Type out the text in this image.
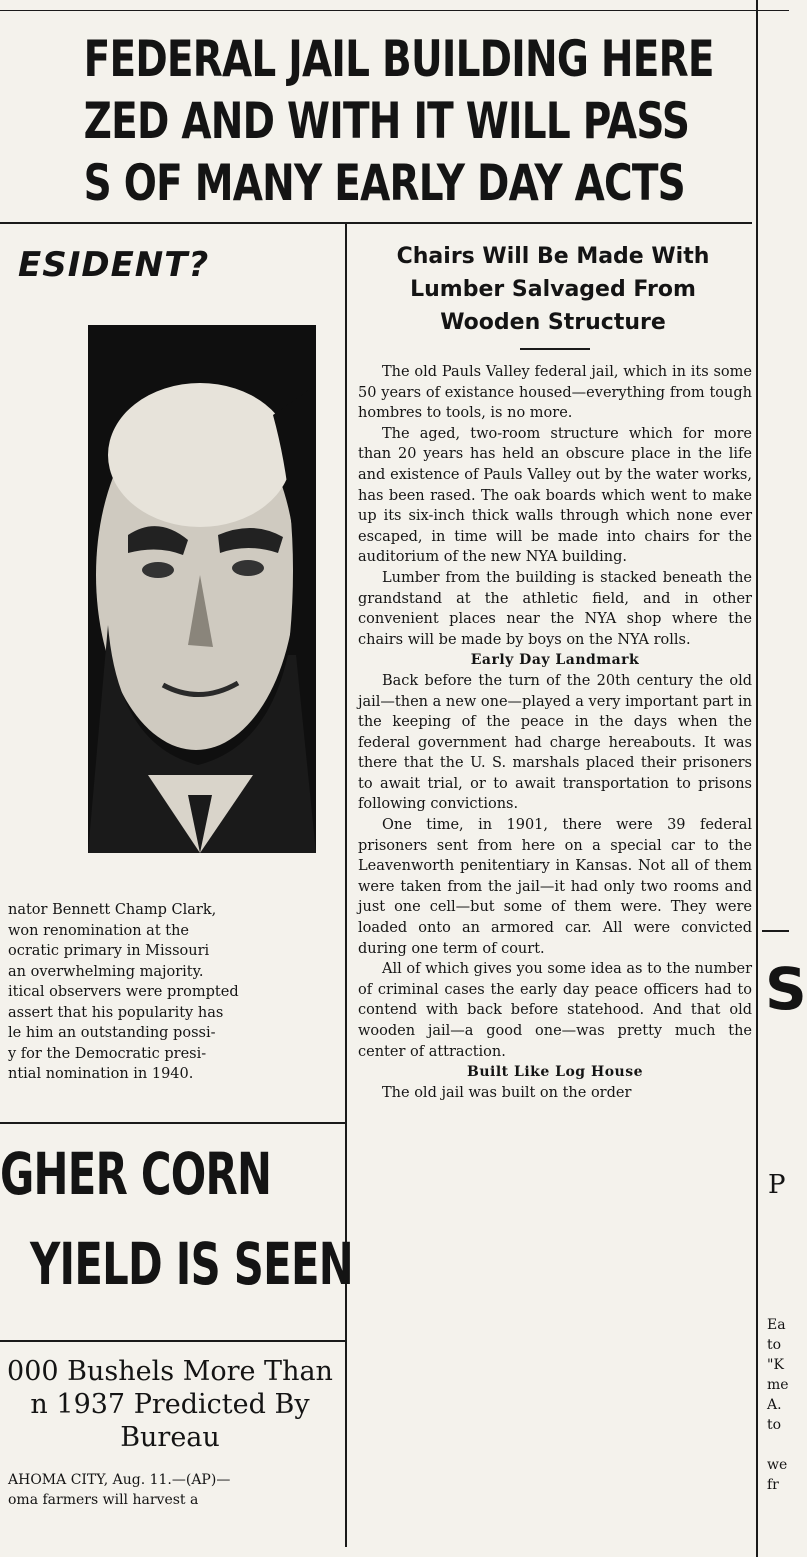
FEDERAL JAIL BUILDING HERE
ZED AND WITH IT WILL PASS
S OF MANY EARLY DAY ACTS
ESIDENT?
nator Bennett Champ Clark,
won renomination at the
ocratic primary in Missouri
an overwhelming majority.
itical observers were prompted
assert that his popularity has
le him an outstanding possi-
y for the Democratic presi-
ntial nomination in 1940.
GHER CORN
YIELD IS SEEN
000 Bushels More Than
n 1937 Predicted By
Bureau
AHOMA CITY, Aug. 11.—(AP)—
oma farmers will harvest a
Chairs Will Be Made With
Lumber Salvaged From
Wooden Structure

The old Pauls Valley federal jail, which in its some 50 years of existance housed—everything from tough hombres to tools, is no more.

The aged, two-room structure which for more than 20 years has held an obscure place in the life and existence of Pauls Valley out by the water works, has been rased. The oak boards which went to make up its six-inch thick walls through which none ever escaped, in time will be made into chairs for the auditorium of the new NYA building.

Lumber from the building is stacked beneath the grandstand at the athletic field, and in other convenient places near the NYA shop where the chairs will be made by boys on the NYA rolls.

Early Day Landmark

Back before the turn of the 20th century the old jail—then a new one—played a very important part in the keeping of the peace in the days when the federal government had charge hereabouts. It was there that the U. S. marshals placed their prisoners to await trial, or to await transportation to prisons following convictions.

One time, in 1901, there were 39 federal prisoners sent from here on a special car to the Leavenworth penitentiary in Kansas. Not all of them were taken from the jail—it had only two rooms and just one cell—but some of them were. They were loaded onto an armored car. All were convicted during one term of court.

All of which gives you some idea as to the number of criminal cases the early day peace officers had to contend with back before statehood. And that old wooden jail—a good one—was pretty much the center of attraction.

Built Like Log House

The old jail was built on the order

S
P
Ea
to
"K
me
A.
to
we
fr
